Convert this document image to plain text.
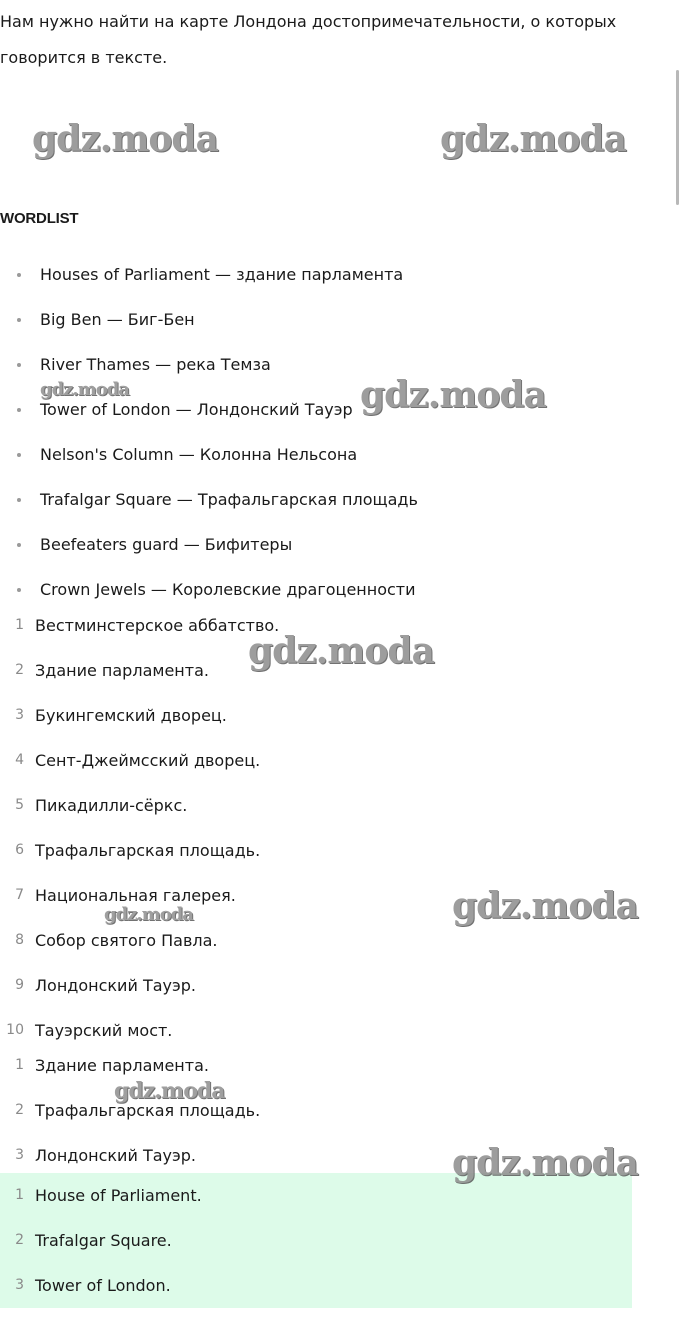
Нам нужно найти на карте Лондона достопримечательности, о которых говорится в тексте.

gdz.moda	gdz.moda
WORDLIST
Houses of Parliament — здание парламента
Big Ben — Биг-Бен
River Thames — река Темза
Tower of London — Лондонский Тауэр
Nelson's Column — Колонна Нельсона
Trafalgar Square — Трафальгарская площадь
Beefeaters guard — Бифитеры
Crown Jewels — Королевские драгоценности
1 Вестминстерское аббатство.
2 Здание парламента.
3 Букингемский дворец.
4 Сент-Джеймсский дворец.
5 Пикадилли-сёркс.
6 Трафальгарская площадь.
7 Национальная галерея.
8 Собор святого Павла.
9 Лондонский Тауэр.
10 Тауэрский мост.
1 Здание парламента.
2 Трафальгарская площадь.
3 Лондонский Тауэр.
1 House of Parliament.
2 Trafalgar Square.
3 Tower of London.
gdz.moda	gdz.moda
gdz.moda
gdz.moda	gdz.moda
gdz.moda
gdz.moda
